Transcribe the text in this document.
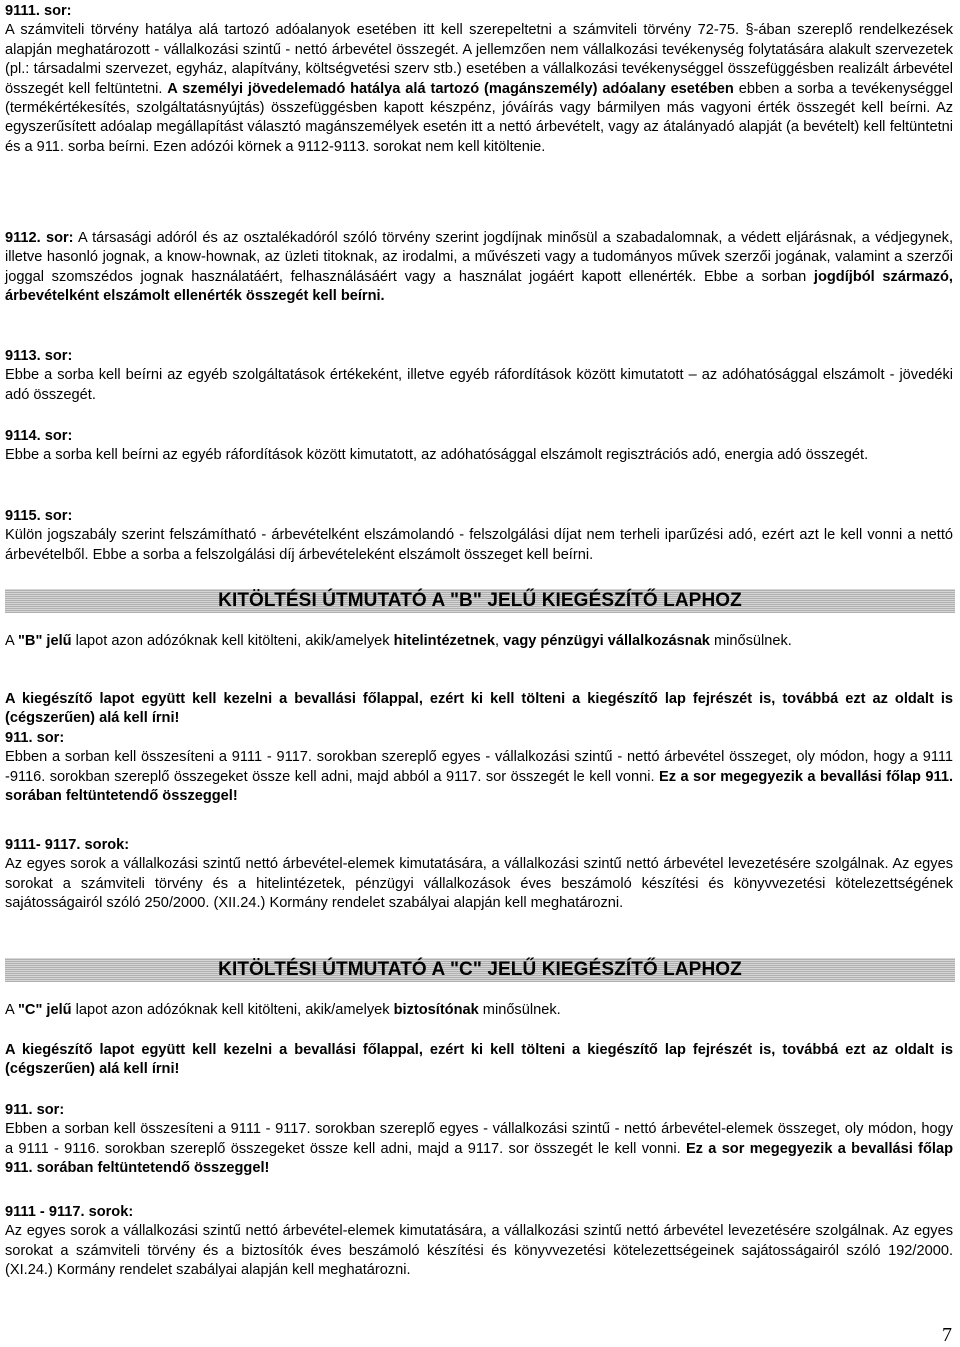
9111. sor:

A számviteli törvény hatálya alá tartozó adóalanyok esetében itt kell szerepeltetni a számviteli törvény 72-75. §-ában szereplő rendelkezések alapján meghatározott - vállalkozási szintű - nettó árbevétel összegét. A jellemzően nem vállalkozási tevékenység folytatására alakult szervezetek (pl.: társadalmi szervezet, egyház, alapítvány, költségvetési szerv stb.) esetében a vállalkozási tevékenységgel összefüggésben realizált árbevétel összegét kell feltüntetni. A személyi jövedelemadó hatálya alá tartozó (magánszemély) adóalany esetében ebben a sorba a tevékenységgel (termékértékesítés, szolgáltatásnyújtás) összefüggésben kapott készpénz, jóváírás vagy bármilyen más vagyoni érték összegét kell beírni. Az egyszerűsített adóalap megállapítást választó magánszemélyek esetén itt a nettó árbevételt, vagy az átalányadó alapját (a bevételt) kell feltüntetni és a 911. sorba beírni. Ezen adózói körnek a 9112-9113. sorokat nem kell kitöltenie.

9112. sor: A társasági adóról és az osztalékadóról szóló törvény szerint jogdíjnak minősül a szabadalomnak, a védett eljárásnak, a védjegynek, illetve hasonló jognak, a know-hownak, az üzleti titoknak, az irodalmi, a művészeti vagy a tudományos művek szerzői jogának, valamint a szerzői joggal szomszédos jognak használatáért, felhasználásáért vagy a használat jogáért kapott ellenérték. Ebbe a sorban jogdíjból származó, árbevételként elszámolt ellenérték összegét kell beírni.

9113. sor:

Ebbe a sorba kell beírni az egyéb szolgáltatások értékeként, illetve egyéb ráfordítások között kimutatott – az adóhatósággal elszámolt - jövedéki adó összegét.

9114. sor:

Ebbe a sorba kell beírni az egyéb ráfordítások között kimutatott, az adóhatósággal elszámolt regisztrációs adó, energia adó összegét.

9115. sor:

Külön jogszabály szerint felszámítható - árbevételként elszámolandó - felszolgálási díjat nem terheli iparűzési adó, ezért azt le kell vonni a nettó árbevételből. Ebbe a sorba a felszolgálási díj árbevételeként elszámolt összeget kell beírni.

KITÖLTÉSI ÚTMUTATÓ A "B" JELŰ KIEGÉSZÍTŐ LAPHOZ

A "B" jelű lapot azon adózóknak kell kitölteni, akik/amelyek hitelintézetnek, vagy pénzügyi vállalkozásnak minősülnek.

A kiegészítő lapot együtt kell kezelni a bevallási főlappal, ezért ki kell tölteni a kiegészítő lap fejrészét is, továbbá ezt az oldalt is (cégszerűen) alá kell írni!

911. sor:

Ebben a sorban kell összesíteni a 9111 - 9117. sorokban szereplő egyes - vállalkozási szintű - nettó árbevétel összeget, oly módon, hogy a 9111 -9116. sorokban szereplő összegeket össze kell adni, majd abból a 9117. sor összegét le kell vonni. Ez a sor megegyezik a bevallási főlap 911. sorában feltüntetendő összeggel!

9111- 9117. sorok:

Az egyes sorok a vállalkozási szintű nettó árbevétel-elemek kimutatására, a vállalkozási szintű nettó árbevétel levezetésére szolgálnak. Az egyes sorokat a számviteli törvény és a hitelintézetek, pénzügyi vállalkozások éves beszámoló készítési és könyvvezetési kötelezettségének sajátosságairól szóló 250/2000. (XII.24.) Kormány rendelet szabályai alapján kell meghatározni.

KITÖLTÉSI ÚTMUTATÓ A "C" JELŰ KIEGÉSZÍTŐ LAPHOZ

A "C" jelű lapot azon adózóknak kell kitölteni, akik/amelyek biztosítónak minősülnek.

A kiegészítő lapot együtt kell kezelni a bevallási főlappal, ezért ki kell tölteni a kiegészítő lap fejrészét is, továbbá ezt az oldalt is (cégszerűen) alá kell írni!

911. sor:

Ebben a sorban kell összesíteni a 9111 - 9117. sorokban szereplő egyes - vállalkozási szintű - nettó árbevétel-elemek összeget, oly módon, hogy a 9111 - 9116. sorokban szereplő összegeket össze kell adni, majd a 9117. sor összegét le kell vonni. Ez a sor megegyezik a bevallási főlap 911. sorában feltüntetendő összeggel!

9111 - 9117. sorok:

Az egyes sorok a vállalkozási szintű nettó árbevétel-elemek kimutatására, a vállalkozási szintű nettó árbevétel levezetésére szolgálnak. Az egyes sorokat a számviteli törvény és a biztosítók éves beszámoló készítési és könyvvezetési kötelezettségeinek sajátosságairól szóló 192/2000. (XI.24.) Kormány rendelet szabályai alapján kell meghatározni.

7
